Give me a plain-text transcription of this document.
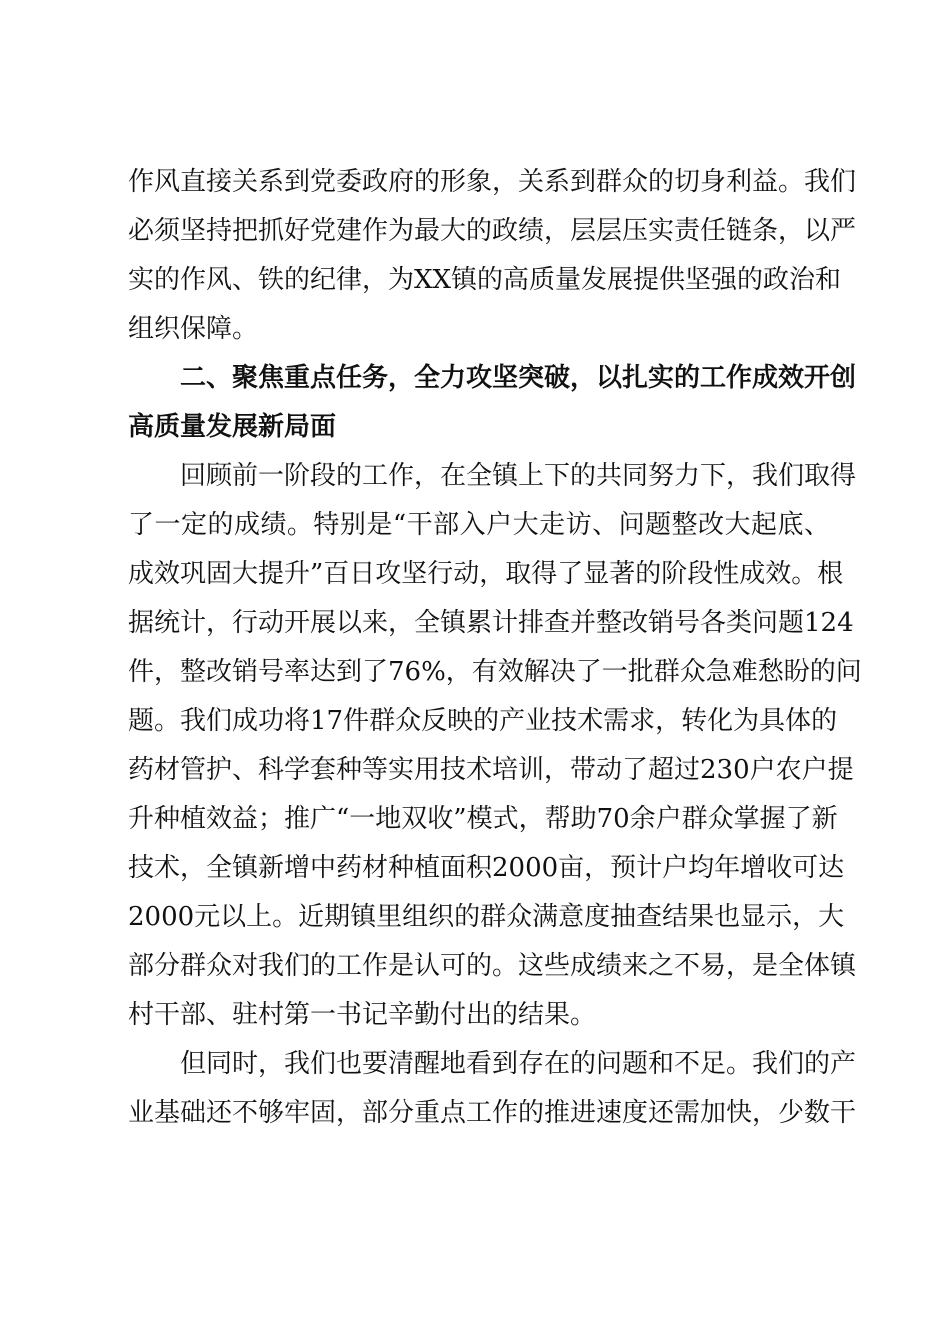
作风直接关系到党委政府的形象，关系到群众的切身利益。我们
必须坚持把抓好党建作为最大的政绩，层层压实责任链条，以严
实的作风、铁的纪律，为XX镇的高质量发展提供坚强的政治和
组织保障。
二、聚焦重点任务，全力攻坚突破，以扎实的工作成效开创
高质量发展新局面
回顾前一阶段的工作，在全镇上下的共同努力下，我们取得
了一定的成绩。特别是“干部入户大走访、问题整改大起底、
成效巩固大提升”百日攻坚行动，取得了显著的阶段性成效。根
据统计，行动开展以来，全镇累计排查并整改销号各类问题124
件，整改销号率达到了76%，有效解决了一批群众急难愁盼的问
题。我们成功将17件群众反映的产业技术需求，转化为具体的
药材管护、科学套种等实用技术培训，带动了超过230户农户提
升种植效益；推广“一地双收”模式，帮助70余户群众掌握了新
技术，全镇新增中药材种植面积2000亩，预计户均年增收可达
2000元以上。近期镇里组织的群众满意度抽查结果也显示，大
部分群众对我们的工作是认可的。这些成绩来之不易，是全体镇
村干部、驻村第一书记辛勤付出的结果。
但同时，我们也要清醒地看到存在的问题和不足。我们的产
业基础还不够牢固，部分重点工作的推进速度还需加快，少数干
